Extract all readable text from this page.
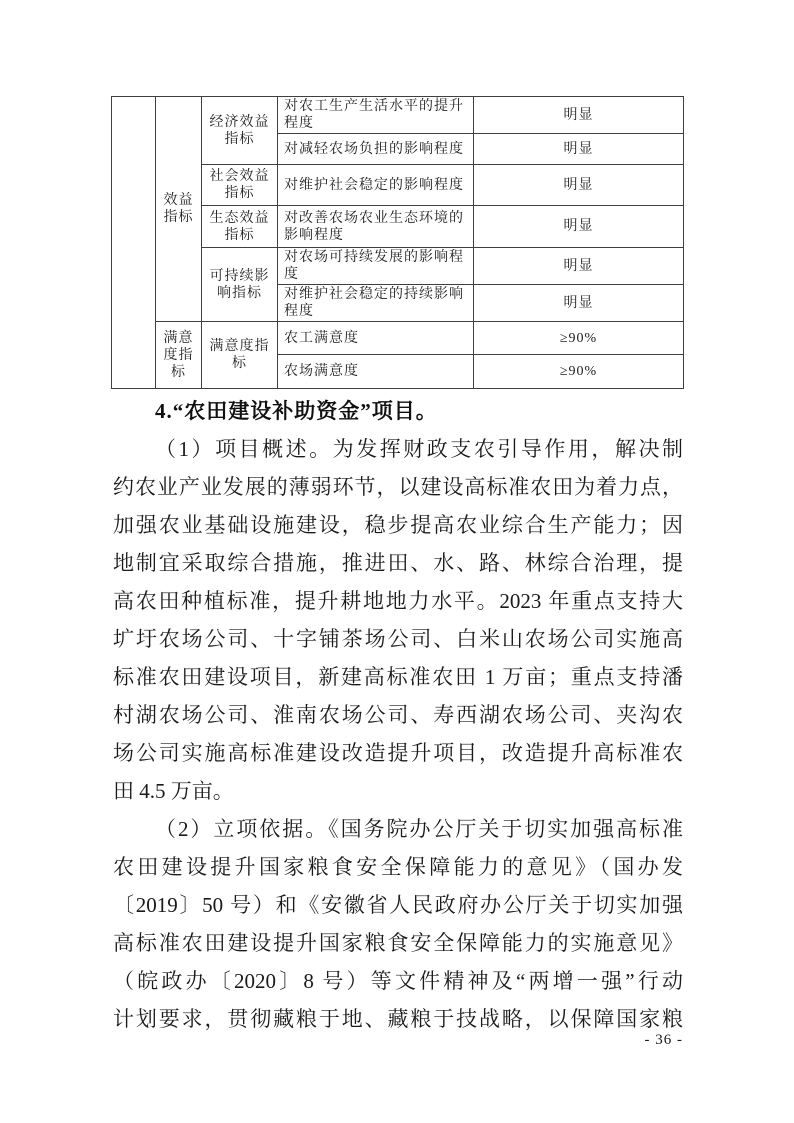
	效益指标	经济效益指标	对农工生产生活水平的提升程度	明显
			对减轻农场负担的影响程度	明显
		社会效益指标	对维护社会稳定的影响程度	明显
		生态效益指标	对改善农场农业生态环境的影响程度	明显
		可持续影响指标	对农场可持续发展的影响程度	明显
			对维护社会稳定的持续影响程度	明显
	满意度指标	满意度指标	农工满意度	≥90%
			农场满意度	≥90%
4.“农田建设补助资金”项目。
（1）项目概述。为发挥财政支农引导作用，解决制
约农业产业发展的薄弱环节，以建设高标准农田为着力点，
加强农业基础设施建设，稳步提高农业综合生产能力；因
地制宜采取综合措施，推进田、水、路、林综合治理，提
高农田种植标准，提升耕地地力水平。2023 年重点支持大
圹圩农场公司、十字铺茶场公司、白米山农场公司实施高
标准农田建设项目，新建高标准农田 1 万亩；重点支持潘
村湖农场公司、淮南农场公司、寿西湖农场公司、夹沟农
场公司实施高标准建设改造提升项目，改造提升高标准农
田 4.5 万亩。
（2）立项依据。《国务院办公厅关于切实加强高标准
农田建设提升国家粮食安全保障能力的意见》（国办发
〔2019〕50 号）和《安徽省人民政府办公厅关于切实加强
高标准农田建设提升国家粮食安全保障能力的实施意见》
（皖政办〔2020〕8 号）等文件精神及“两增一强”行动
计划要求，贯彻藏粮于地、藏粮于技战略，以保障国家粮
- 36 -
